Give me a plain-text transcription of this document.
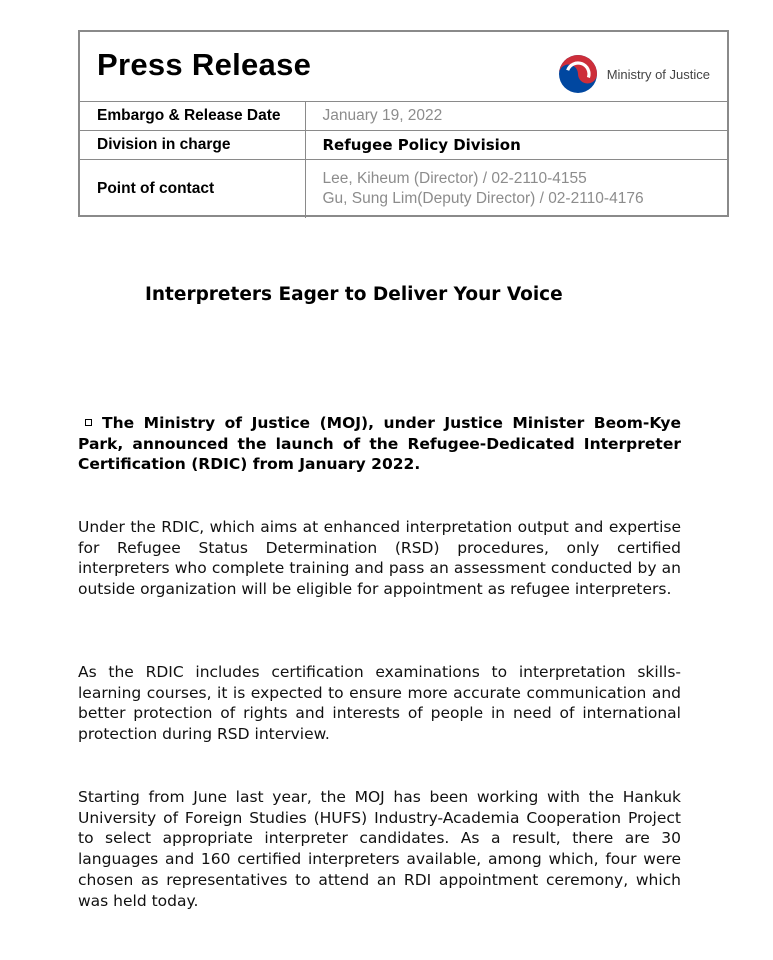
Press Release	Ministry of Justice
Embargo & Release Date	January 19, 2022
Division in charge	Refugee Policy Division
Point of contact	Lee, Kiheum (Director) / 02-2110-4155
Gu, Sung Lim(Deputy Director) / 02-2110-4176
Interpreters Eager to Deliver Your Voice

The Ministry of Justice (MOJ), under Justice Minister Beom-Kye Park, announced the launch of the Refugee-Dedicated Interpreter Certification (RDIC) from January 2022.

Under the RDIC, which aims at enhanced interpretation output and expertise for Refugee Status Determination (RSD) procedures, only certified interpreters who complete training and pass an assessment conducted by an outside organization will be eligible for appointment as refugee interpreters.

As the RDIC includes certification examinations to interpretation skills-learning courses, it is expected to ensure more accurate communication and better protection of rights and interests of people in need of international protection during RSD interview.

Starting from June last year, the MOJ has been working with the Hankuk University of Foreign Studies (HUFS) Industry-Academia Cooperation Project to select appropriate interpreter candidates. As a result, there are 30 languages and 160 certified interpreters available, among which, four were chosen as representatives to attend an RDI appointment ceremony, which was held today.
